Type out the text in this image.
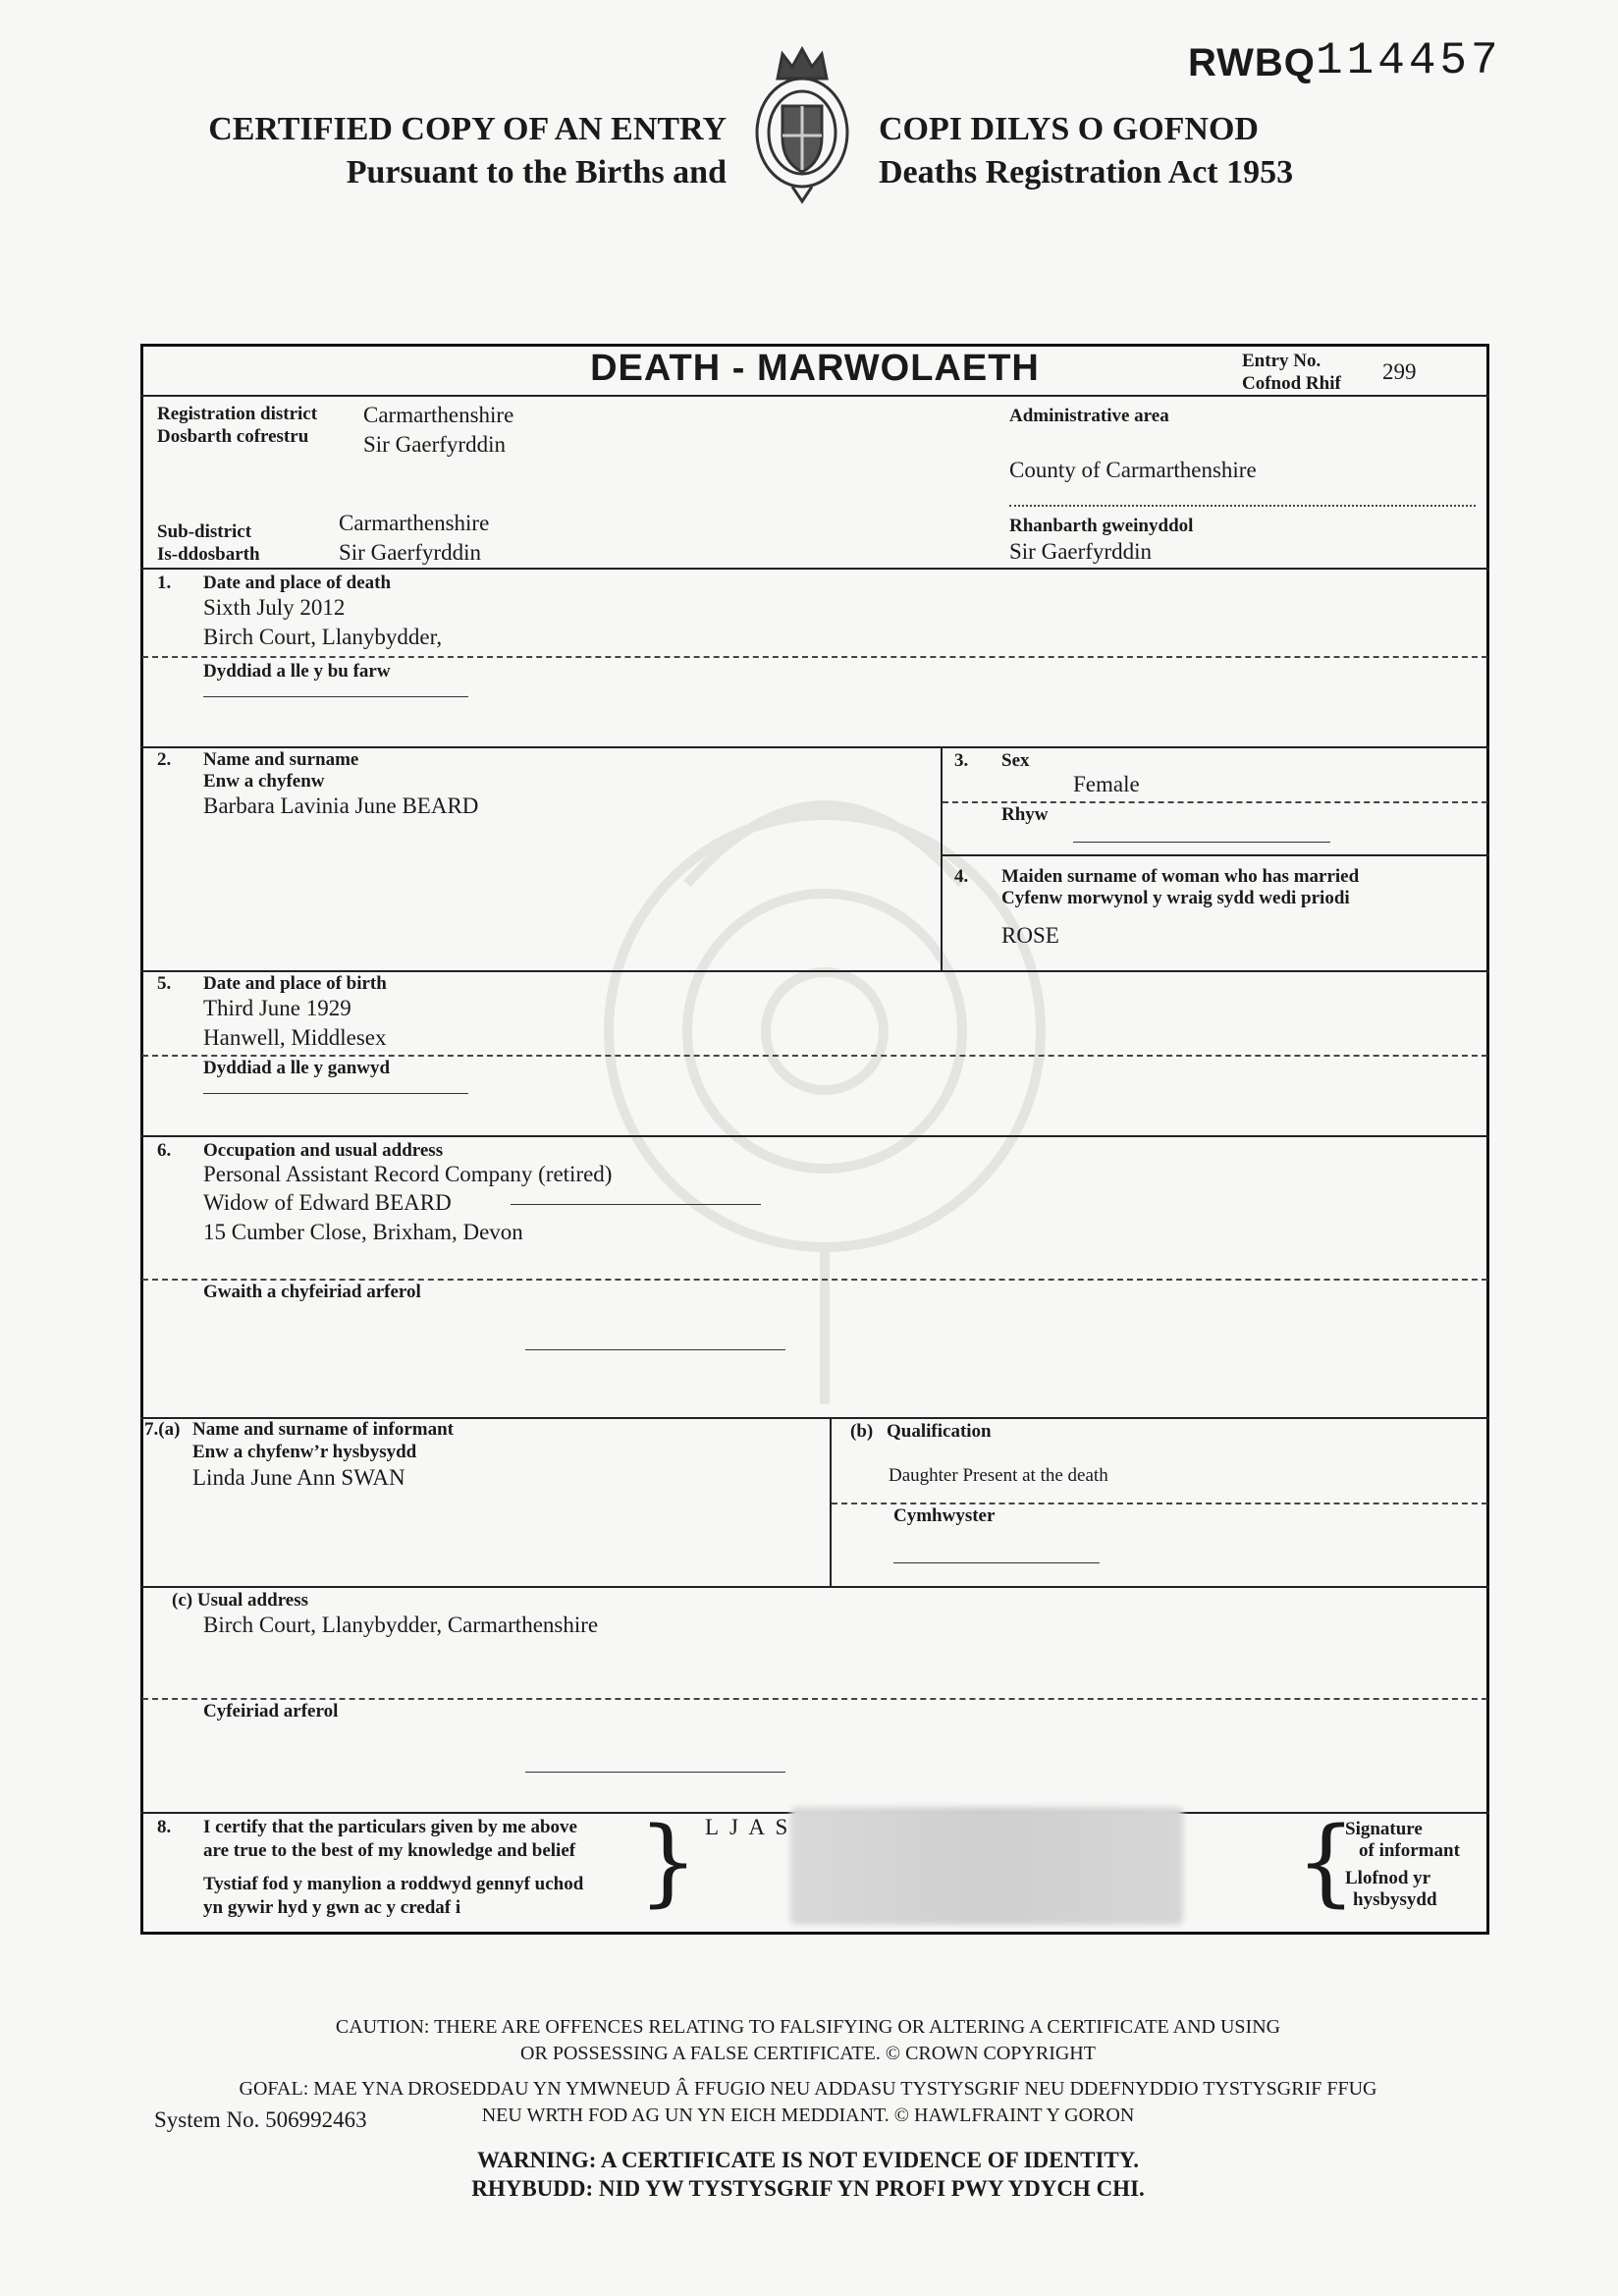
RWBQ 114457
CERTIFIED COPY OF AN ENTRY
Pursuant to the Births and
COPI DILYS O GOFNOD
Deaths Registration Act 1953
DEATH - MARWOLAETH	Entry No.
Cofnod Rhif 299
Registration district
Dosbarth cofrestru
Carmarthenshire
Sir Gaerfyrddin
Administrative area
County of Carmarthenshire
Rhanbarth gweinyddol
Sir Gaerfyrddin
Sub-district
Is-ddosbarth
Carmarthenshire
Sir Gaerfyrddin
1. Date and place of death
Sixth July 2012
Birch Court, Llanybydder,
Dyddiad a lle y bu farw
2. Name and surname
Enw a chyfenw
Barbara Lavinia June BEARD
3. Sex
Female
Rhyw
4. Maiden surname of woman who has married
Cyfenw morwynol y wraig sydd wedi priodi
ROSE
5. Date and place of birth
Third June 1929
Hanwell, Middlesex
Dyddiad a lle y ganwyd
6. Occupation and usual address
Personal Assistant Record Company (retired)
Widow of Edward BEARD
15 Cumber Close, Brixham, Devon
Gwaith a chyfeiriad arferol
7.(a) Name and surname of informant
Enw a chyfenw’r hysbysydd
Linda June Ann SWAN
(b) Qualification
Daughter Present at the death
Cymhwyster
(c) Usual address
Birch Court, Llanybydder, Carmarthenshire
Cyfeiriad arferol
8. I certify that the particulars given by me above
are true to the best of my knowledge and belief
Tystiaf fod y manylion a roddwyd gennyf uchod
yn gywir hyd y gwn ac y credaf i	} L J A S	{
Signature
of informant
Llofnod yr
hysbysydd
CAUTION: THERE ARE OFFENCES RELATING TO FALSIFYING OR ALTERING A CERTIFICATE AND USING
OR POSSESSING A FALSE CERTIFICATE. © CROWN COPYRIGHT
GOFAL: MAE YNA DROSEDDAU YN YMWNEUD Â FFUGIO NEU ADDASU TYSTYSGRIF NEU DDEFNYDDIO TYSTYSGRIF FFUG
NEU WRTH FOD AG UN YN EICH MEDDIANT. © HAWLFRAINT Y GORON
System No. 506992463
WARNING: A CERTIFICATE IS NOT EVIDENCE OF IDENTITY.
RHYBUDD: NID YW TYSTYSGRIF YN PROFI PWY YDYCH CHI.
